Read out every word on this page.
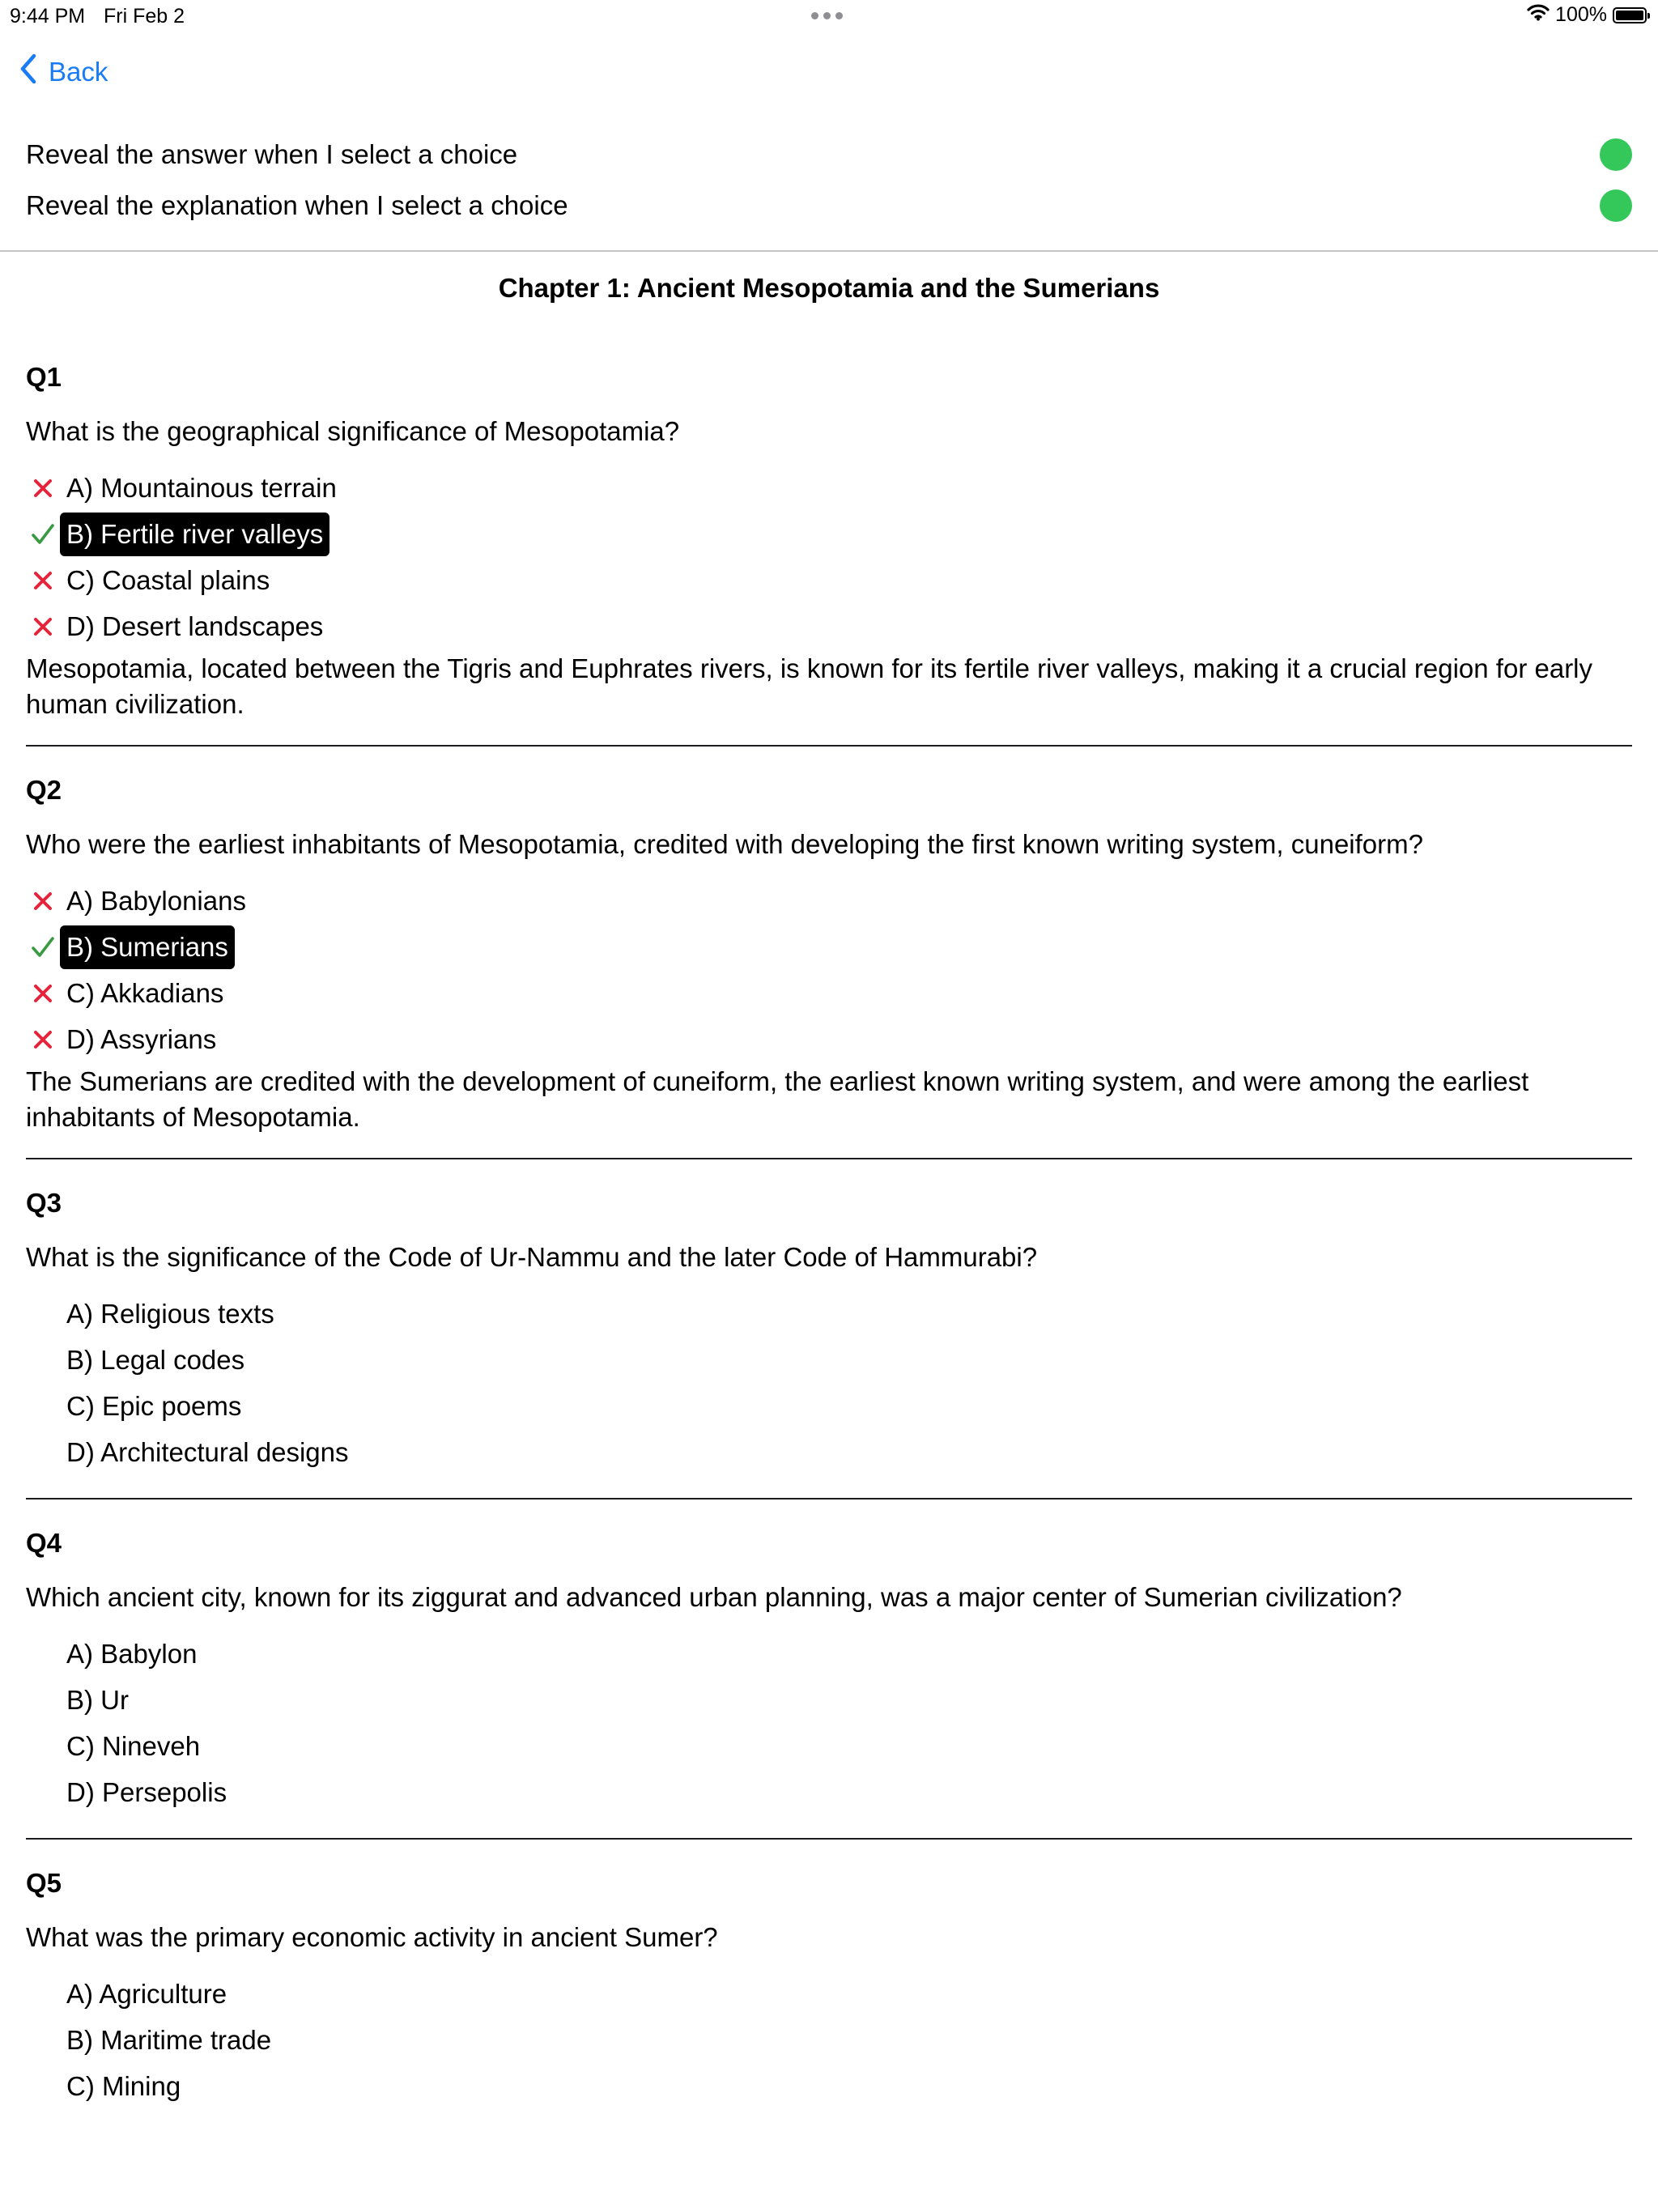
9:44 PM Fri Feb 2	100%
Back
Reveal the answer when I select a choice
Reveal the explanation when I select a choice
Chapter 1: Ancient Mesopotamia and the Sumerians
Q1
What is the geographical significance of Mesopotamia?
A) Mountainous terrain
B) Fertile river valleys
C) Coastal plains
D) Desert landscapes
Mesopotamia, located between the Tigris and Euphrates rivers, is known for its fertile river valleys, making it a crucial region for early human civilization.
Q2
Who were the earliest inhabitants of Mesopotamia, credited with developing the first known writing system, cuneiform?
A) Babylonians
B) Sumerians
C) Akkadians
D) Assyrians
The Sumerians are credited with the development of cuneiform, the earliest known writing system, and were among the earliest inhabitants of Mesopotamia.
Q3
What is the significance of the Code of Ur-Nammu and the later Code of Hammurabi?
A) Religious texts
B) Legal codes
C) Epic poems
D) Architectural designs
Q4
Which ancient city, known for its ziggurat and advanced urban planning, was a major center of Sumerian civilization?
A) Babylon
B) Ur
C) Nineveh
D) Persepolis
Q5
What was the primary economic activity in ancient Sumer?
A) Agriculture
B) Maritime trade
C) Mining
